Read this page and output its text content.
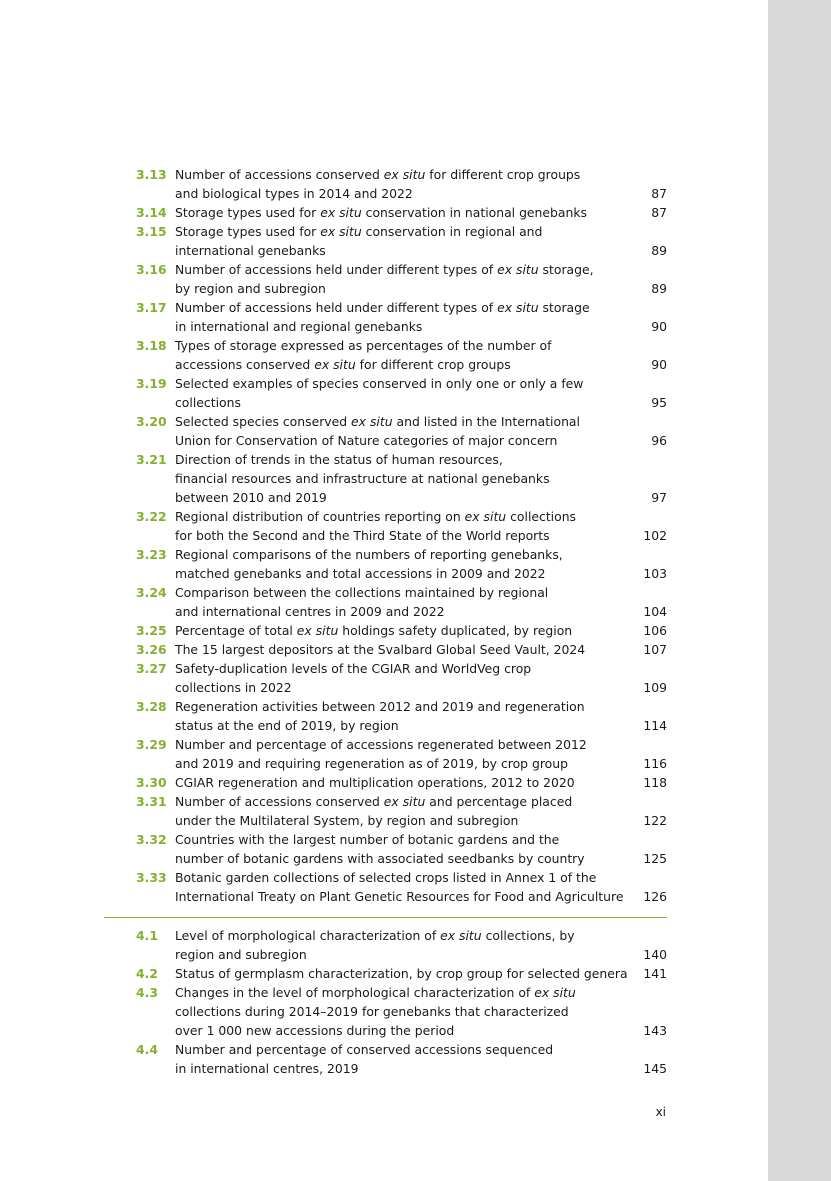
3.13 Number of accessions conserved ex situ for different crop groups
and biological types in 2014 and 2022	87
3.14 Storage types used for ex situ conservation in national genebanks	87
3.15 Storage types used for ex situ conservation in regional and
international genebanks	89
3.16 Number of accessions held under different types of ex situ storage,
by region and subregion	89
3.17 Number of accessions held under different types of ex situ storage
in international and regional genebanks	90
3.18 Types of storage expressed as percentages of the number of
accessions conserved ex situ for different crop groups	90
3.19 Selected examples of species conserved in only one or only a few collections	95
3.20 Selected species conserved ex situ and listed in the International
Union for Conservation of Nature categories of major concern	96
3.21 Direction of trends in the status of human resources,
financial resources and infrastructure at national genebanks
between 2010 and 2019	97
3.22 Regional distribution of countries reporting on ex situ collections
for both the Second and the Third State of the World reports	102
3.23 Regional comparisons of the numbers of reporting genebanks,
matched genebanks and total accessions in 2009 and 2022	103
3.24 Comparison between the collections maintained by regional
and international centres in 2009 and 2022	104
3.25 Percentage of total ex situ holdings safety duplicated, by region	106
3.26 The 15 largest depositors at the Svalbard Global Seed Vault, 2024	107
3.27 Safety-duplication levels of the CGIAR and WorldVeg crop
collections in 2022	109
3.28 Regeneration activities between 2012 and 2019 and regeneration
status at the end of 2019, by region	114
3.29 Number and percentage of accessions regenerated between 2012
and 2019 and requiring regeneration as of 2019, by crop group	116
3.30 CGIAR regeneration and multiplication operations, 2012 to 2020	118
3.31 Number of accessions conserved ex situ and percentage placed
under the Multilateral System, by region and subregion	122
3.32 Countries with the largest number of botanic gardens and the
number of botanic gardens with associated seedbanks by country	125
3.33 Botanic garden collections of selected crops listed in Annex 1 of the
International Treaty on Plant Genetic Resources for Food and Agriculture	126
4.1	Level of morphological characterization of ex situ collections, by
region and subregion	140
4.2	Status of germplasm characterization, by crop group for selected genera	141
4.3	Changes in the level of morphological characterization of ex situ
collections during 2014–2019 for genebanks that characterized
over 1 000 new accessions during the period	143
4.4	Number and percentage of conserved accessions sequenced
in international centres, 2019	145
xi
